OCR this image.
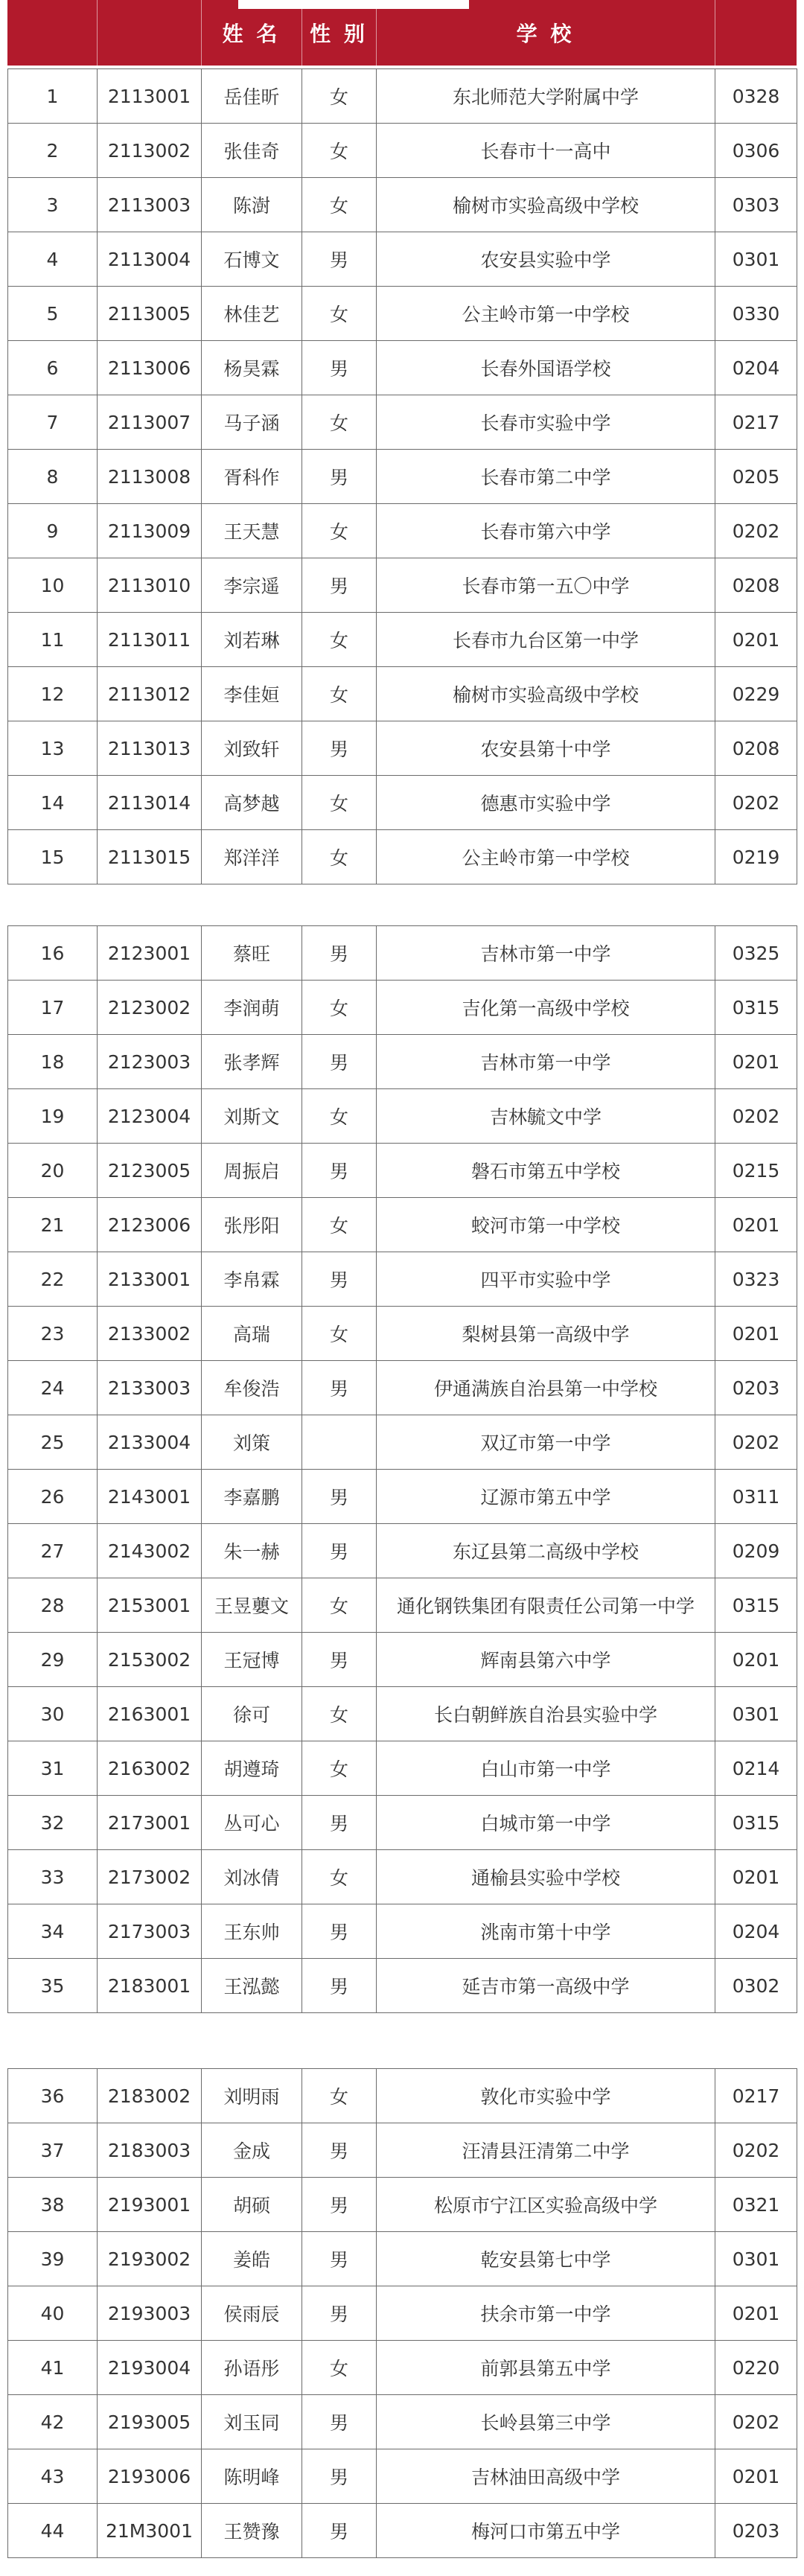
姓 名	性 别	学 校
1	2113001	岳佳昕	女	东北师范大学附属中学	0328
2	2113002	张佳奇	女	长春市十一高中	0306
3	2113003	陈澍	女	榆树市实验高级中学校	0303
4	2113004	石博文	男	农安县实验中学	0301
5	2113005	林佳艺	女	公主岭市第一中学校	0330
6	2113006	杨昊霖	男	长春外国语学校	0204
7	2113007	马子涵	女	长春市实验中学	0217
8	2113008	胥科作	男	长春市第二中学	0205
9	2113009	王天慧	女	长春市第六中学	0202
10	2113010	李宗遥	男	长春市第一五〇中学	0208
11	2113011	刘若琳	女	长春市九台区第一中学	0201
12	2113012	李佳姮	女	榆树市实验高级中学校	0229
13	2113013	刘致轩	男	农安县第十中学	0208
14	2113014	高梦越	女	德惠市实验中学	0202
15	2113015	郑洋洋	女	公主岭市第一中学校	0219
16	2123001	蔡旺	男	吉林市第一中学	0325
17	2123002	李润萌	女	吉化第一高级中学校	0315
18	2123003	张孝辉	男	吉林市第一中学	0201
19	2123004	刘斯文	女	吉林毓文中学	0202
20	2123005	周振启	男	磐石市第五中学校	0215
21	2123006	张彤阳	女	蛟河市第一中学校	0201
22	2133001	李帛霖	男	四平市实验中学	0323
23	2133002	高瑞	女	梨树县第一高级中学	0201
24	2133003	牟俊浩	男	伊通满族自治县第一中学校	0203
25	2133004	刘策		双辽市第一中学	0202
26	2143001	李嘉鹏	男	辽源市第五中学	0311
27	2143002	朱一赫	男	东辽县第二高级中学校	0209
28	2153001	王昱蘡文	女	通化钢铁集团有限责任公司第一中学	0315
29	2153002	王冠博	男	辉南县第六中学	0201
30	2163001	徐可	女	长白朝鲜族自治县实验中学	0301
31	2163002	胡遵琦	女	白山市第一中学	0214
32	2173001	丛可心	男	白城市第一中学	0315
33	2173002	刘冰倩	女	通榆县实验中学校	0201
34	2173003	王东帅	男	洮南市第十中学	0204
35	2183001	王泓懿	男	延吉市第一高级中学	0302
36	2183002	刘明雨	女	敦化市实验中学	0217
37	2183003	金成	男	汪清县汪清第二中学	0202
38	2193001	胡硕	男	松原市宁江区实验高级中学	0321
39	2193002	姜皓	男	乾安县第七中学	0301
40	2193003	侯雨辰	男	扶余市第一中学	0201
41	2193004	孙语彤	女	前郭县第五中学	0220
42	2193005	刘玉同	男	长岭县第三中学	0202
43	2193006	陈明峰	男	吉林油田高级中学	0201
44	21M3001	王赞豫	男	梅河口市第五中学	0203
